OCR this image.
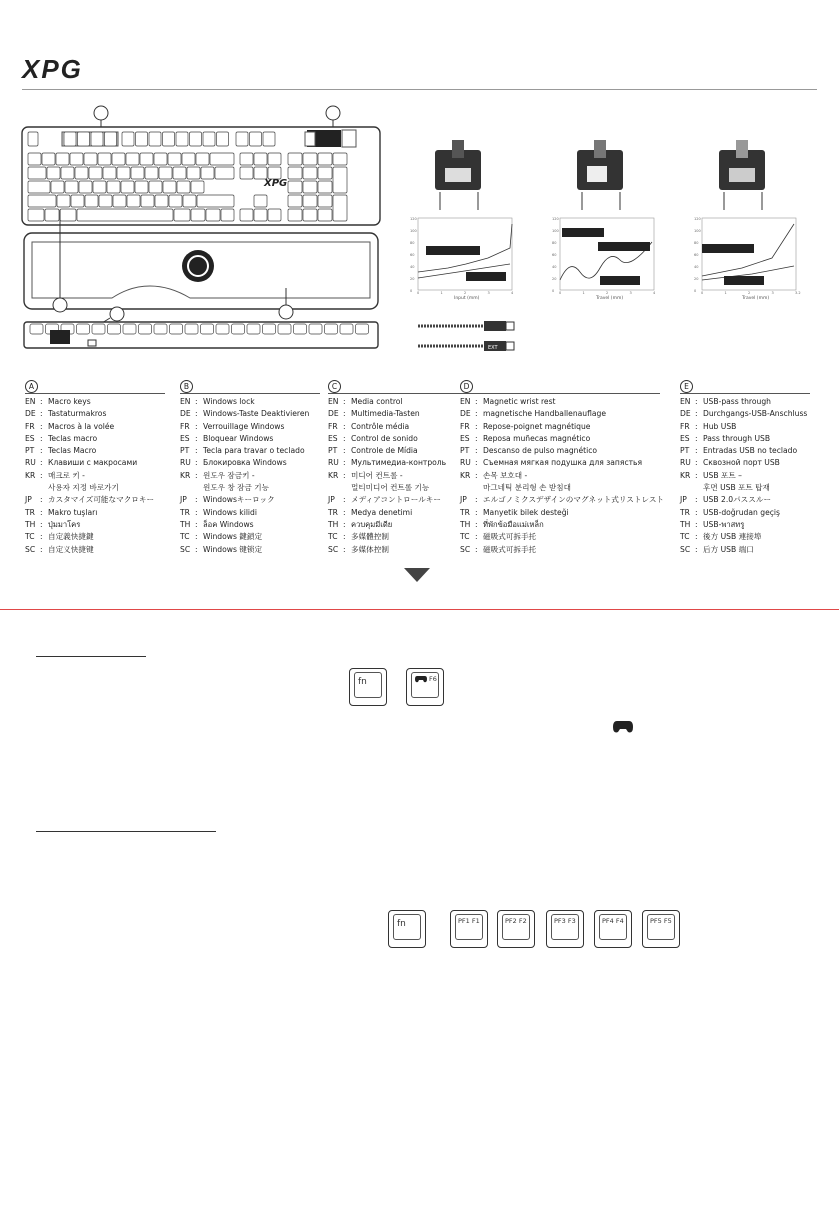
XPG
XPG
Input (mm)
120
100
80
60
40
20
0 0	1	2	3	4
Travel (mm)
120
100
80
60
40
20
0 0	1	2	3	4
Travel (mm)
120
100
80
60
40
20
0 0	1	2	3	3.2
EXT
A
EN : Macro keys
DE : Tastaturmakros
FR : Macros à la volée
ES : Teclas macro
PT : Teclas Macro
RU : Клавиши с макросами
KR : 매크로 키 -
사용자 지정 바로가기
JP	: カスタマイズ可能なマクロキー
TR : Makro tuşları
TH : ปุ่มมาโคร
TC : 自定義快捷鍵
SC : 自定义快捷键
B
EN : Windows lock
DE : Windows-Taste Deaktivieren
FR : Verrouillage Windows
ES : Bloquear Windows
PT : Tecla para travar o teclado
RU : Блокировка Windows
KR : 윈도우 잠금키 -
윈도우 창 잠금 기능
JP	: Windowsキーロック
TR : Windows kilidi
TH : ล็อค Windows
TC : Windows 鍵鎖定
SC : Windows 键锁定
C
EN : Media control
DE : Multimedia-Tasten
FR : Contrôle média
ES : Control de sonido
PT : Controle de Mídia
RU : Мультимедиа-контроль
KR : 미디어 컨트롤 -
멀티미디어 컨트롤 기능
JP	: メディアコントロールキー
TR : Medya denetimi
TH : ควบคุมมีเดีย
TC : 多媒體控制
SC : 多媒体控制
D
EN : Magnetic wrist rest
DE : magnetische Handballenauflage
FR : Repose-poignet magnétique
ES : Reposa muñecas magnético
PT : Descanso de pulso magnético
RU : Съемная мягкая подушка для запястья
KR : 손목 보호대 -
마그네틱 분리형 손 받침대
JP	: エルゴノミクスデザインのマグネット式リストレスト
TR : Manyetik bilek desteği
TH : ที่พักข้อมือแม่เหล็ก
TC : 磁吸式可拆手托
SC : 磁吸式可拆手托
E
EN : USB-pass through
DE : Durchgangs-USB-Anschluss
FR : Hub USB
ES : Pass through USB
PT : Entradas USB no teclado
RU : Сквозной порт USB
KR : USB 포트 –
후면 USB 포트 탑재
JP	: USB 2.0パススルー
TR : USB-doğrudan geçiş
TH : USB-พาสทรู
TC : 後方 USB 連接埠
SC : 后方 USB 端口
fn	F6
fn	PF1 F1	PF2 F2	PF3 F3	PF4 F4	PF5 F5
